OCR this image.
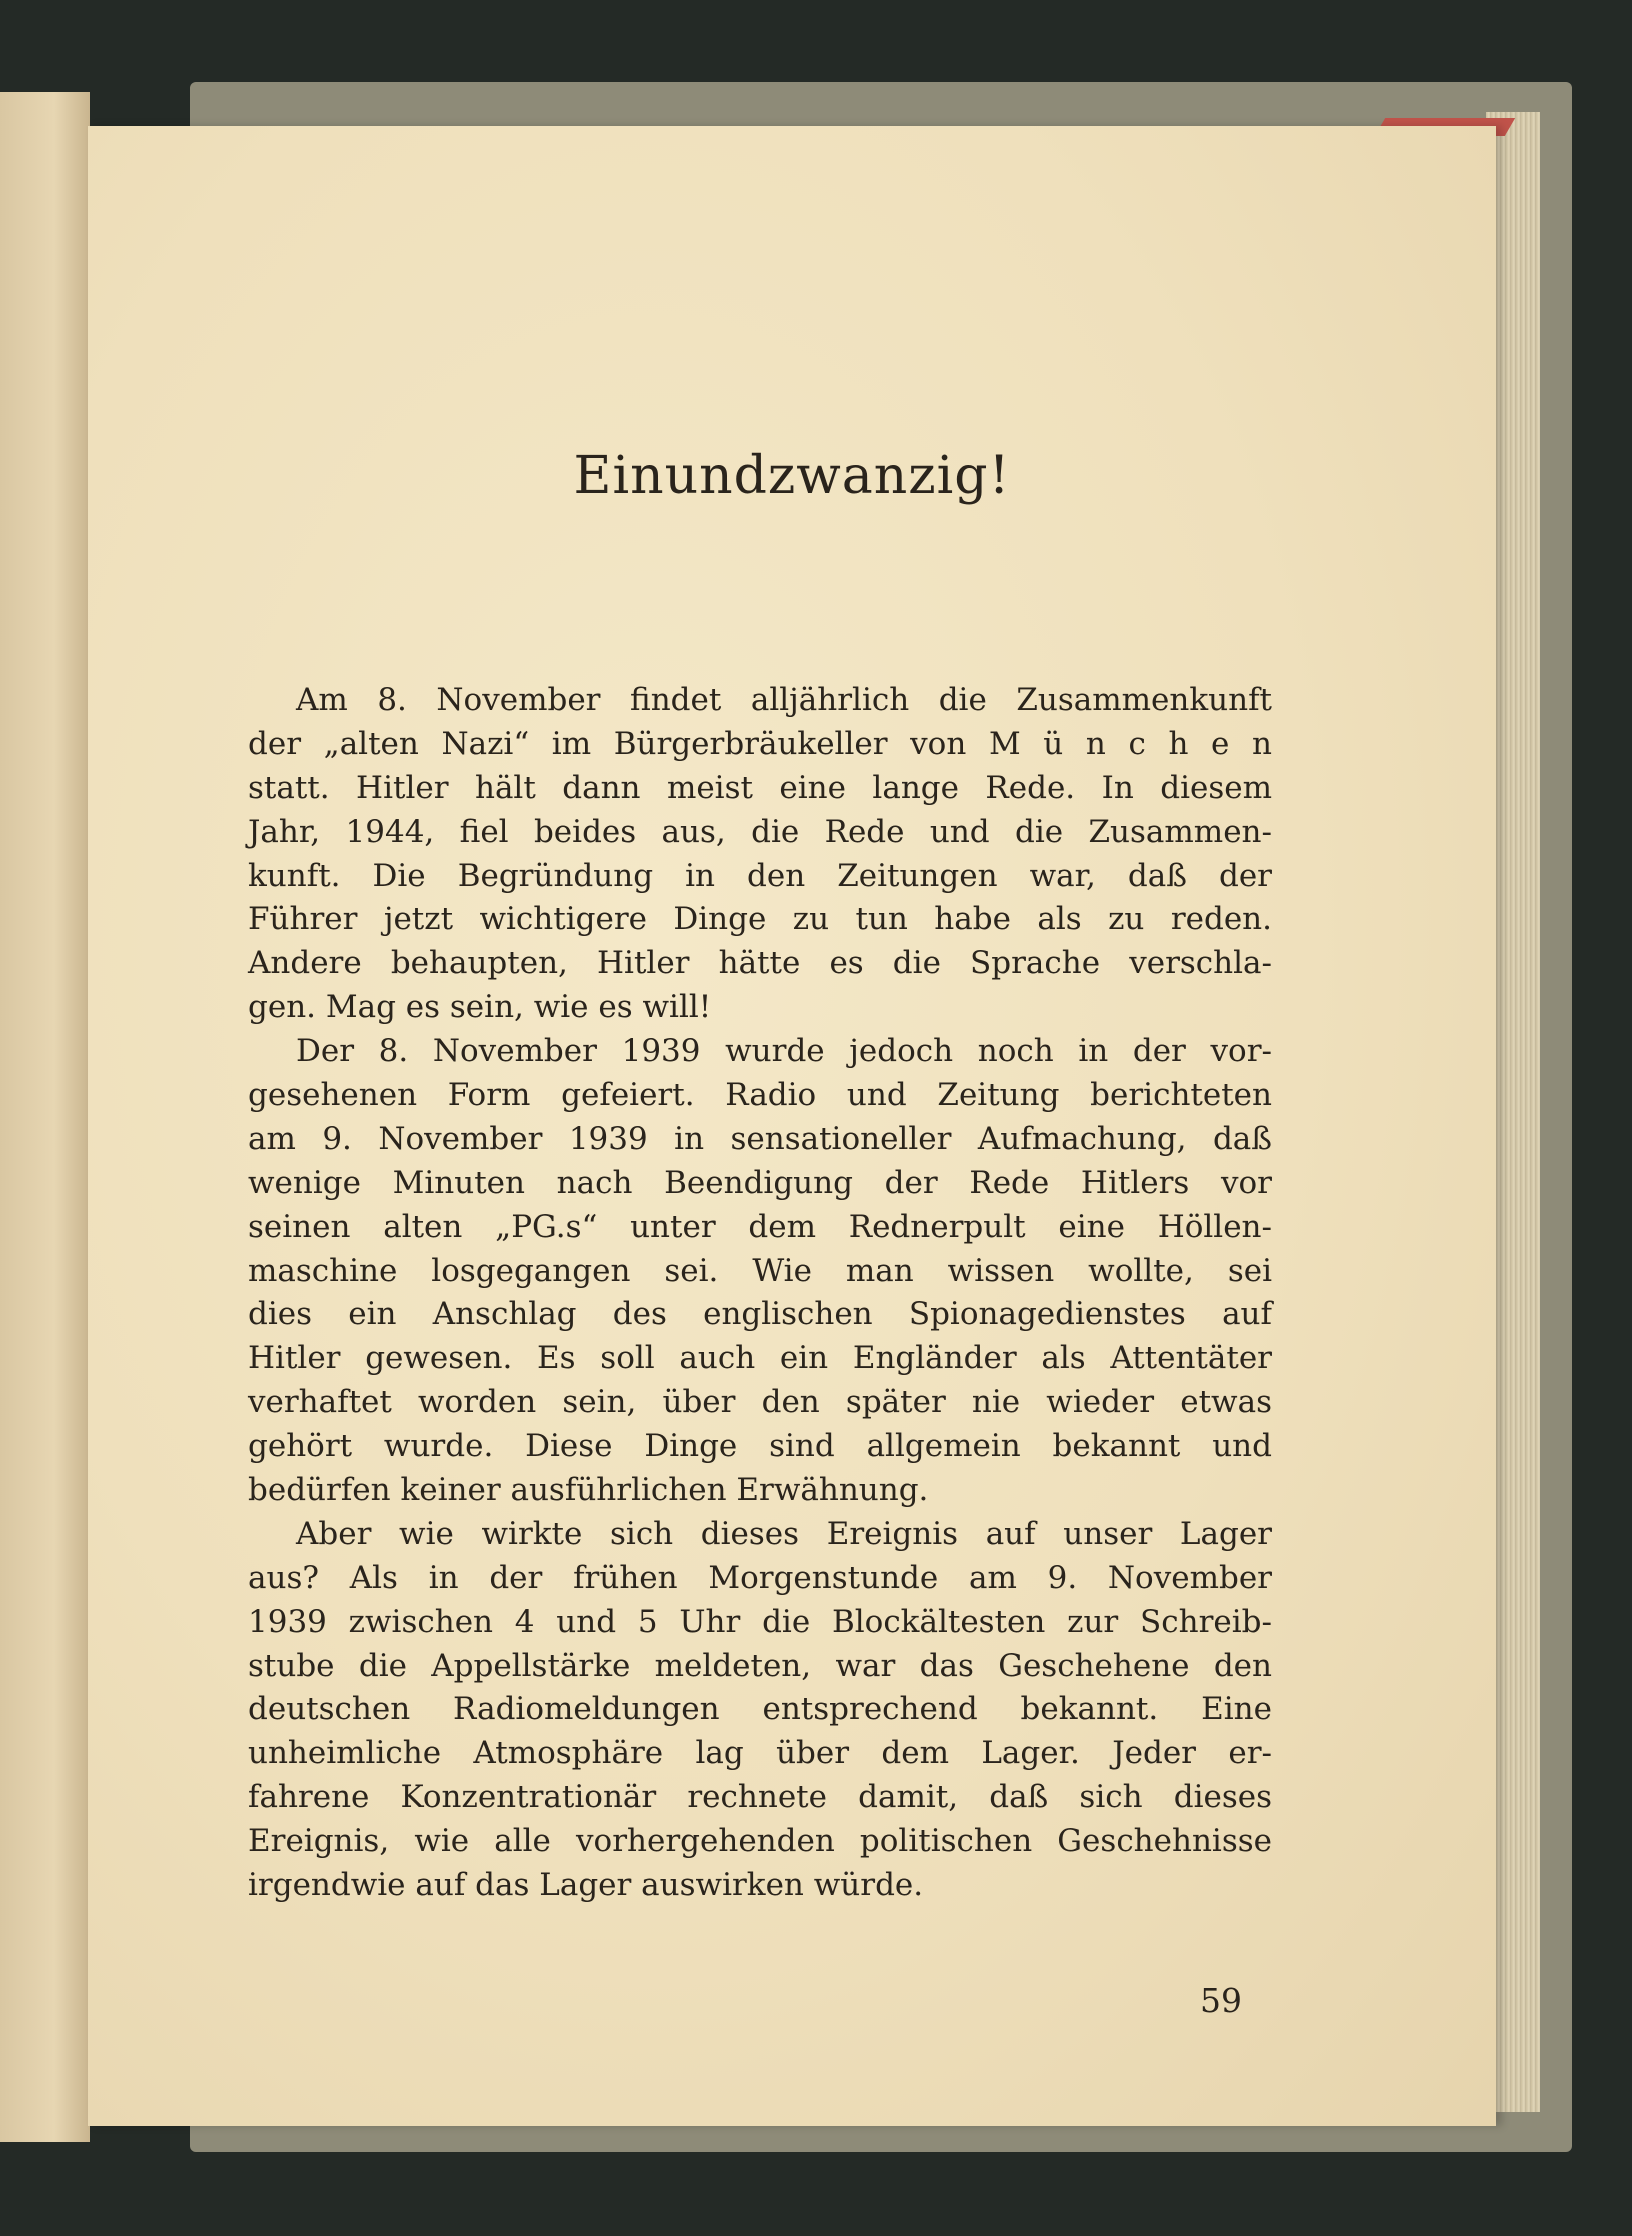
Einundzwanzig!
Am 8. November findet alljährlich die Zusammenkunft
der „alten Nazi“ im Bürgerbräukeller von M ü n c h e n
statt. Hitler hält dann meist eine lange Rede. In diesem
Jahr, 1944, fiel beides aus, die Rede und die Zusammen-
kunft. Die Begründung in den Zeitungen war, daß der
Führer jetzt wichtigere Dinge zu tun habe als zu reden.
Andere behaupten, Hitler hätte es die Sprache verschla-
gen. Mag es sein, wie es will!
Der 8. November 1939 wurde jedoch noch in der vor-
gesehenen Form gefeiert. Radio und Zeitung berichteten
am 9. November 1939 in sensationeller Aufmachung, daß
wenige Minuten nach Beendigung der Rede Hitlers vor
seinen alten „PG.s“ unter dem Rednerpult eine Höllen-
maschine losgegangen sei. Wie man wissen wollte, sei
dies ein Anschlag des englischen Spionagedienstes auf
Hitler gewesen. Es soll auch ein Engländer als Attentäter
verhaftet worden sein, über den später nie wieder etwas
gehört wurde. Diese Dinge sind allgemein bekannt und
bedürfen keiner ausführlichen Erwähnung.
Aber wie wirkte sich dieses Ereignis auf unser Lager
aus? Als in der frühen Morgenstunde am 9. November
1939 zwischen 4 und 5 Uhr die Blockältesten zur Schreib-
stube die Appellstärke meldeten, war das Geschehene den
deutschen Radiomeldungen entsprechend bekannt. Eine
unheimliche Atmosphäre lag über dem Lager. Jeder er-
fahrene Konzentrationär rechnete damit, daß sich dieses
Ereignis, wie alle vorhergehenden politischen Geschehnisse
irgendwie auf das Lager auswirken würde.

59
